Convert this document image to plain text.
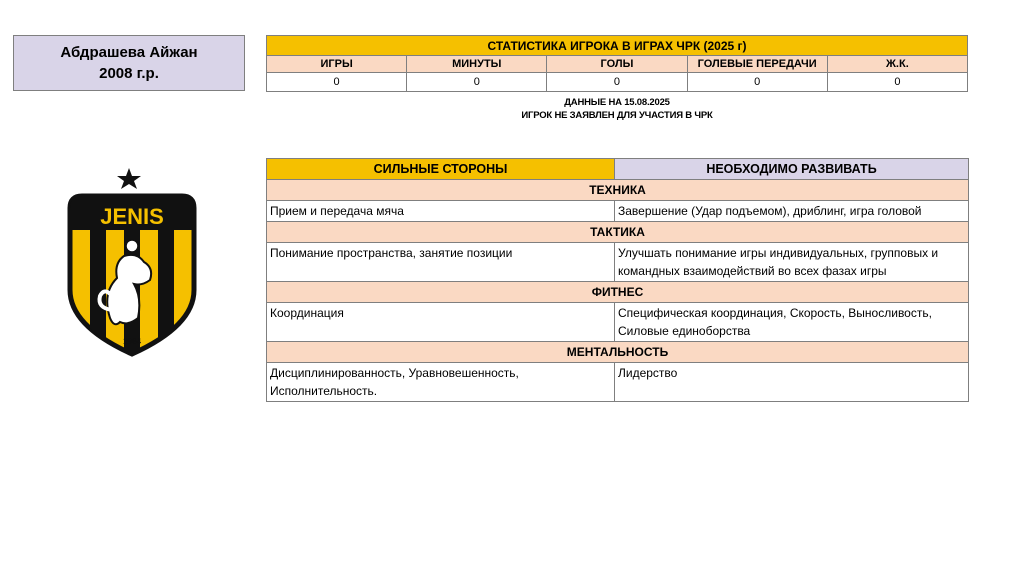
Абдрашева Айжан
2008 г.р.
СТАТИСТИКА ИГРОКА В ИГРАХ ЧРК (2025 г)				
ИГРЫ	МИНУТЫ	ГОЛЫ	ГОЛЕВЫЕ ПЕРЕДАЧИ	Ж.К.
0	0	0	0	0
ДАННЫЕ НА 15.08.2025
ИГРОК НЕ ЗАЯВЛЕН ДЛЯ УЧАСТИЯ В ЧРК
JENIS
1964
СИЛЬНЫЕ СТОРОНЫ	НЕОБХОДИМО РАЗВИВАТЬ
ТЕХНИКА	
Прием и передача мяча	Завершение (Удар подъемом), дриблинг, игра головой
ТАКТИКА	
Понимание пространства, занятие позиции	Улучшать понимание игры индивидуальных, групповых и командных взаимодействий во всех фазах игры
ФИТНЕС	
Координация	Специфическая координация, Скорость, Выносливость, Силовые единоборства
МЕНТАЛЬНОСТЬ	
Дисциплинированность, Уравновешенность, Исполнительность.	Лидерство
